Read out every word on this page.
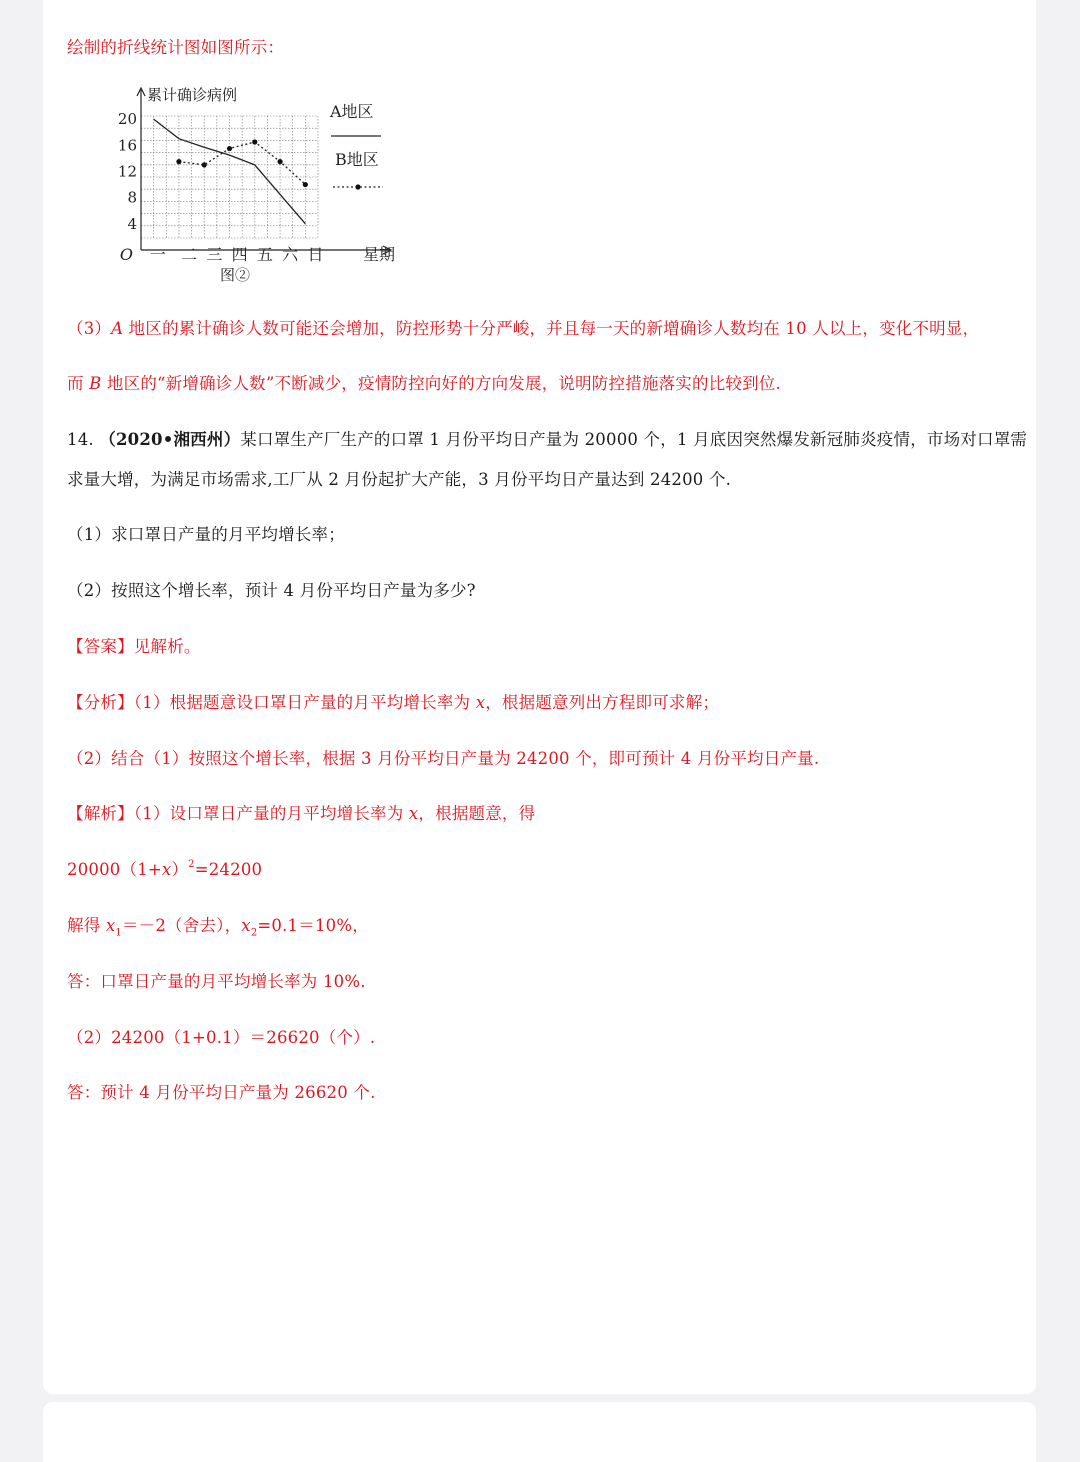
绘制的折线统计图如图所示：

累计确诊病例
星期
O
4
8
12
16
20
一 二 三 四 五 六 日
图②
A地区
B地区

（3）A 地区的累计确诊人数可能还会增加，防控形势十分严峻，并且每一天的新增确诊人数均在 10 人以上，变化不明显，

而 B 地区的“新增确诊人数”不断减少，疫情防控向好的方向发展，说明防控措施落实的比较到位.

14. （2020•湘西州）某口罩生产厂生产的口罩 1 月份平均日产量为 20000 个，1 月底因突然爆发新冠肺炎疫情，市场对口罩需

求量大增，为满足市场需求,工厂从 2 月份起扩大产能，3 月份平均日产量达到 24200 个.

（1）求口罩日产量的月平均增长率；

（2）按照这个增长率，预计 4 月份平均日产量为多少?

【答案】见解析。

【分析】（1）根据题意设口罩日产量的月平均增长率为 x，根据题意列出方程即可求解；

（2）结合（1）按照这个增长率，根据 3 月份平均日产量为 24200 个，即可预计 4 月份平均日产量.

【解析】（1）设口罩日产量的月平均增长率为 x，根据题意，得

$20000(1+x)^2=24200$

解得 $x_1=-2$（舍去），$x_2=0.1=10\%$，

答：口罩日产量的月平均增长率为 10%.

（2）24200（1+0.1）＝26620（个）.

答：预计 4 月份平均日产量为 26620 个.
